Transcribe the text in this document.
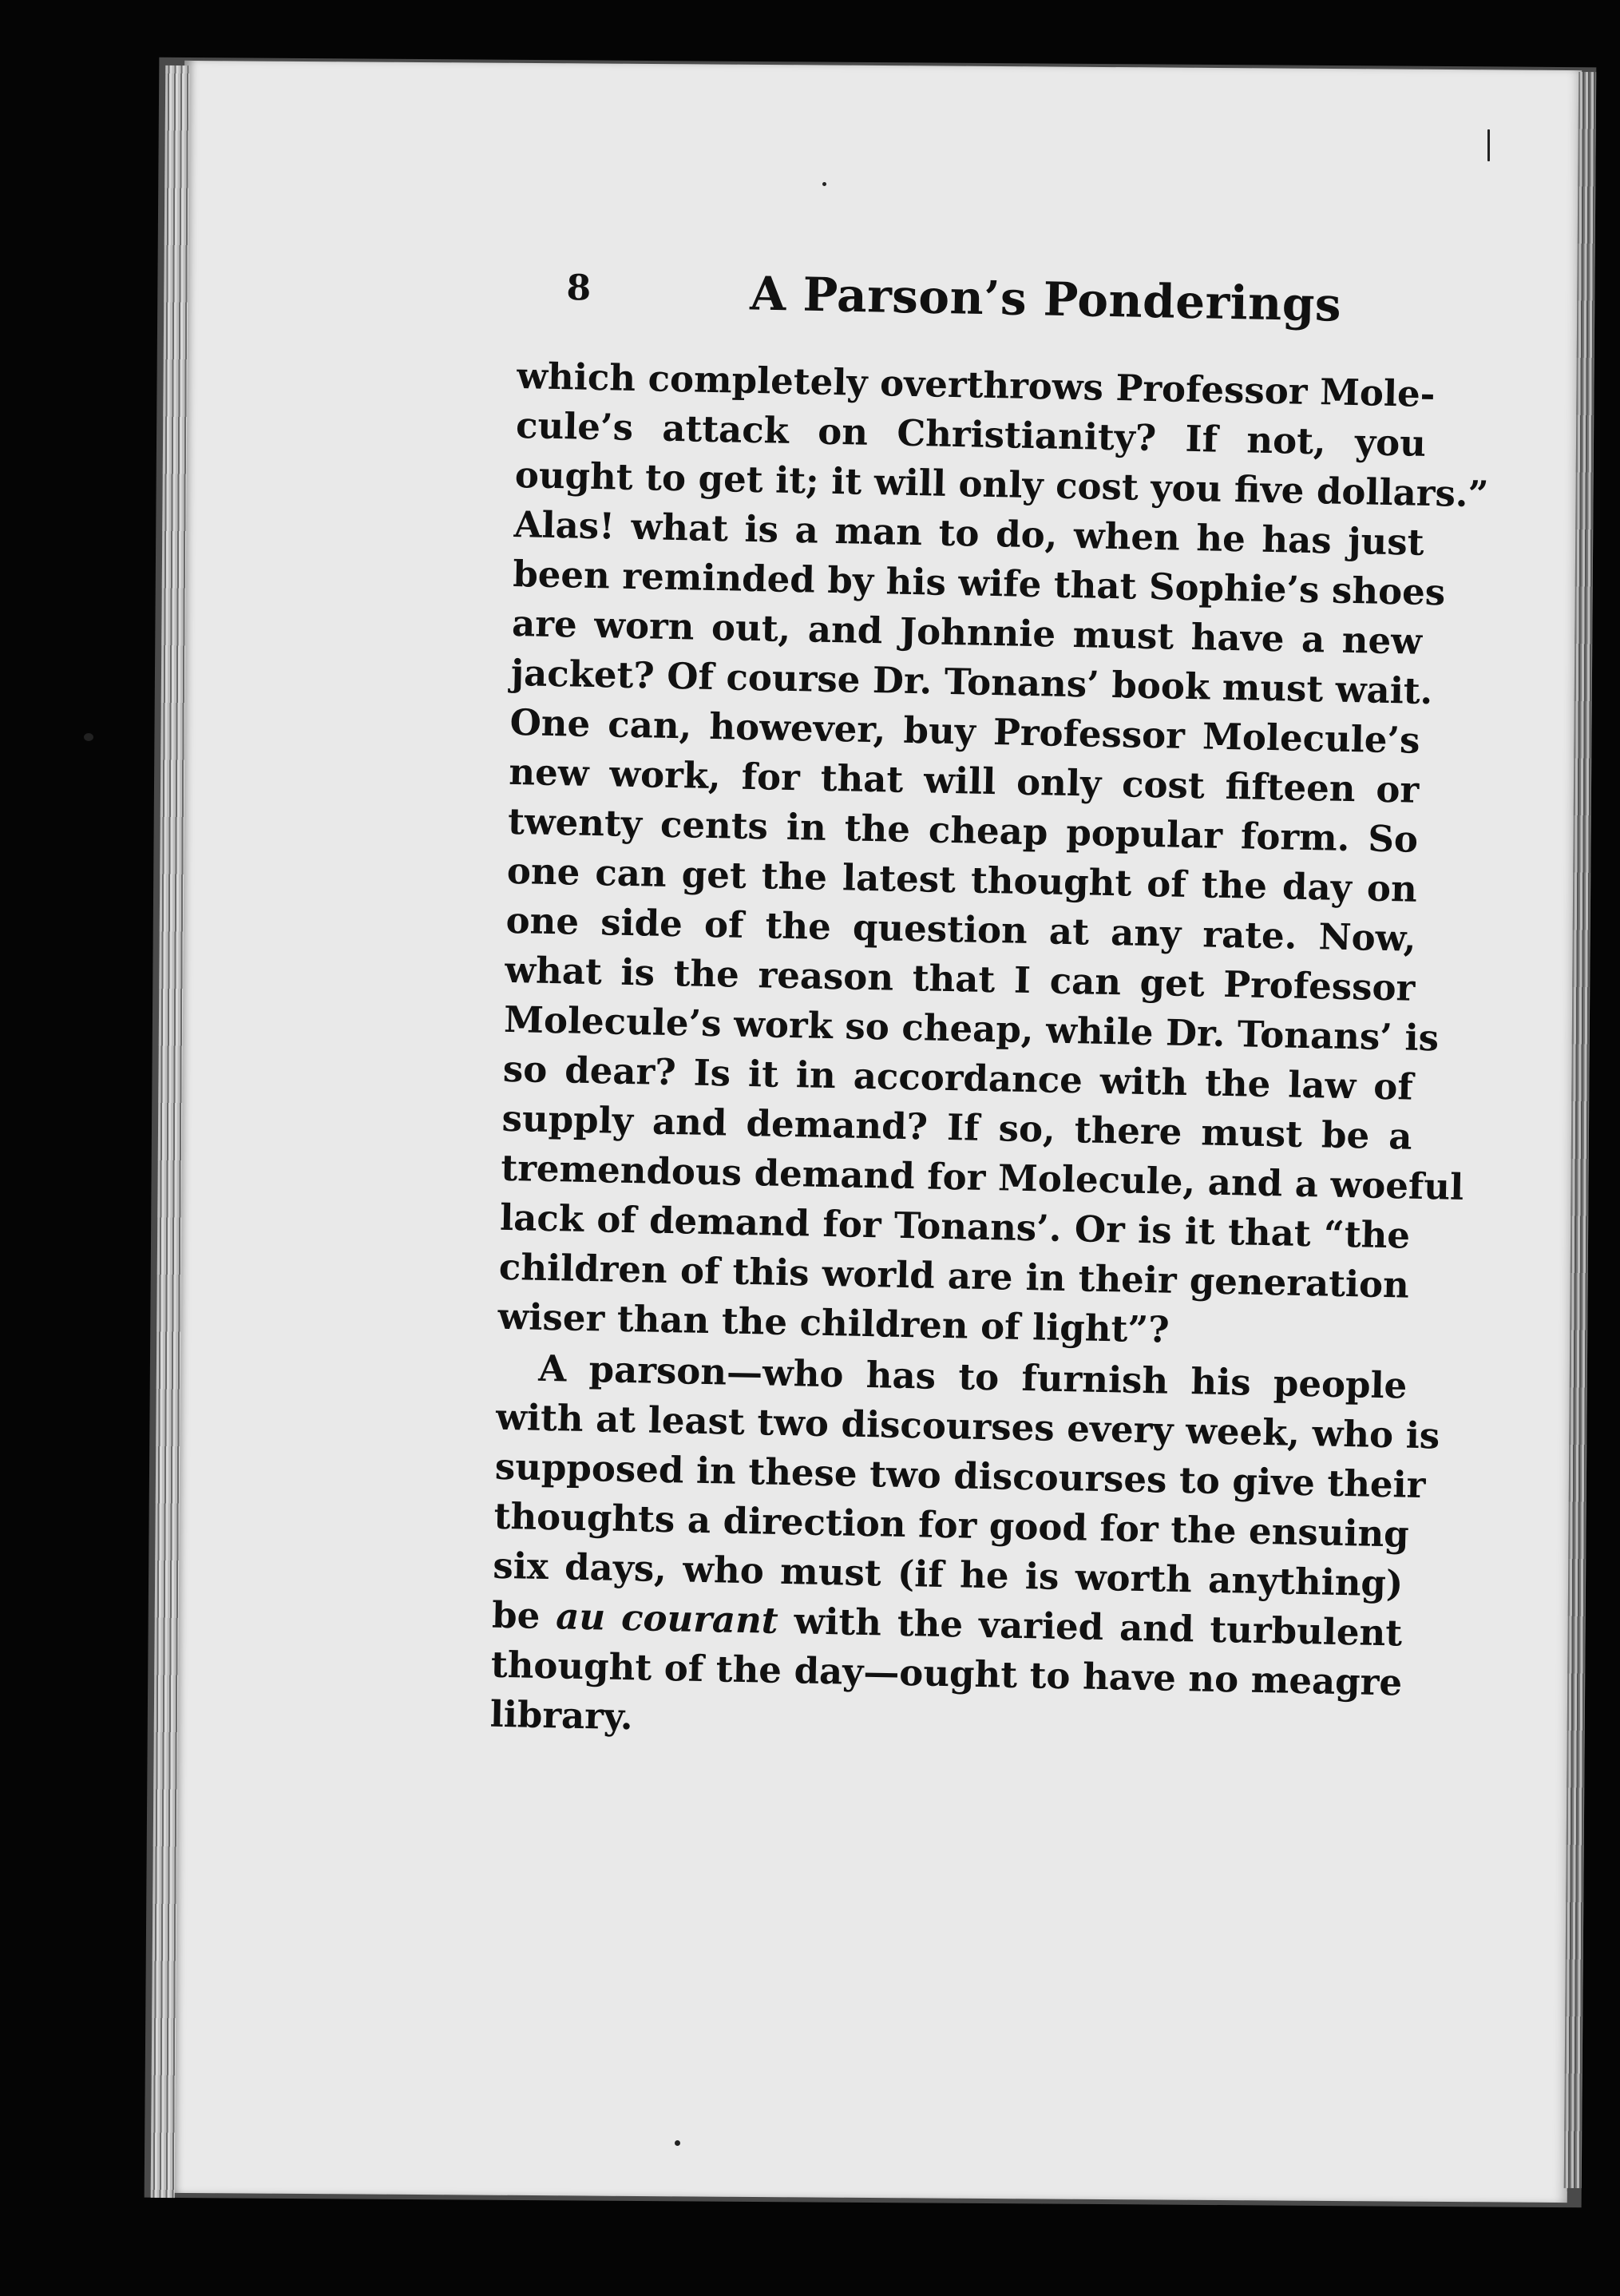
8	A Parson’s Ponderings
which completely overthrows Professor Mole-
cule’s attack on Christianity? If not, you
ought to get it; it will only cost you five dollars.”
Alas! what is a man to do, when he has just
been reminded by his wife that Sophie’s shoes
are worn out, and Johnnie must have a new
jacket? Of course Dr. Tonans’ book must wait.
One can, however, buy Professor Molecule’s
new work, for that will only cost fifteen or
twenty cents in the cheap popular form. So
one can get the latest thought of the day on
one side of the question at any rate. Now,
what is the reason that I can get Professor
Molecule’s work so cheap, while Dr. Tonans’ is
so dear? Is it in accordance with the law of
supply and demand? If so, there must be a
tremendous demand for Molecule, and a woeful
lack of demand for Tonans’. Or is it that “the
children of this world are in their generation
wiser than the children of light”?
A parson—who has to furnish his people
with at least two discourses every week, who is
supposed in these two discourses to give their
thoughts a direction for good for the ensuing
six days, who must (if he is worth anything)
be au courant with the varied and turbulent
thought of the day—ought to have no meagre
library.
